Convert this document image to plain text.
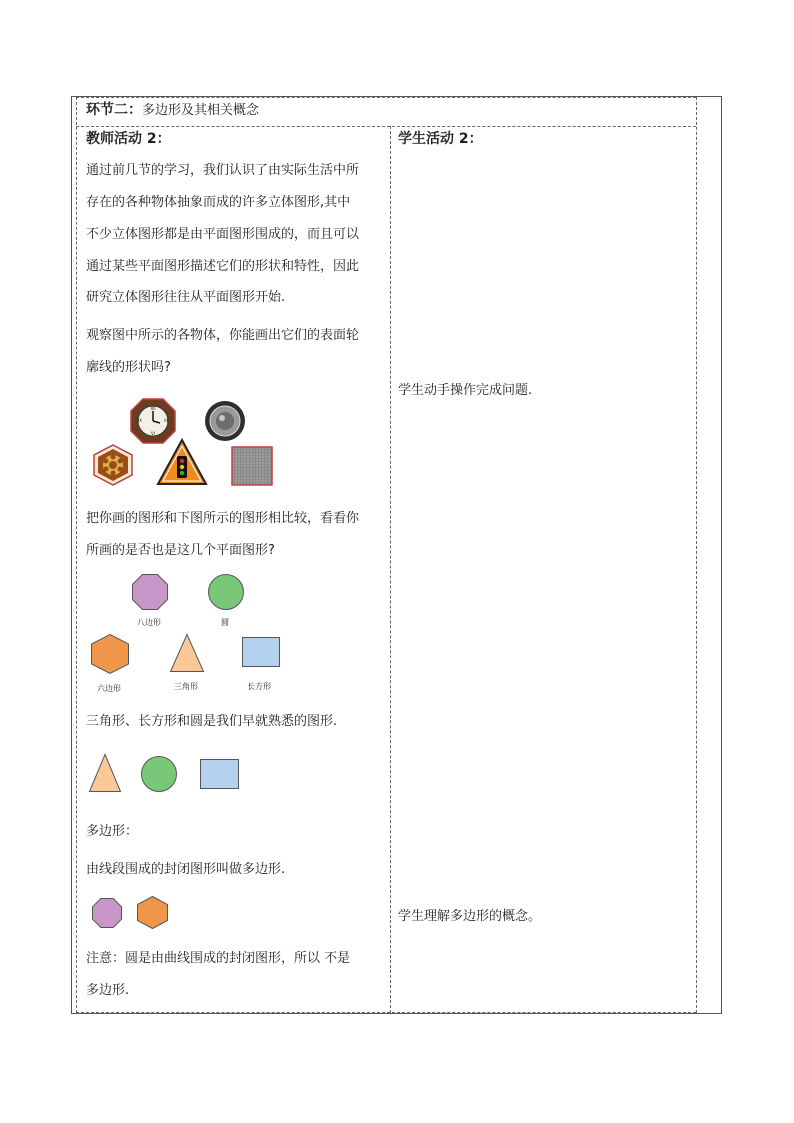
环节二：多边形及其相关概念
教师活动 2：
通过前几节的学习，我们认识了由实际生活中所
存在的各种物体抽象而成的许多立体图形,其中
不少立体图形都是由平面图形围成的，而且可以
通过某些平面图形描述它们的形状和特性，因此
研究立体图形往往从平面图形开始.
观察图中所示的各物体，你能画出它们的表面轮
廓线的形状吗?
XII
III
VI
IX
把你画的图形和下图所示的图形相比较，看看你
所画的是否也是这几个平面图形?
八边形	圆
六边形	三角形	长方形
三角形、长方形和圆是我们早就熟悉的图形.
多边形：
由线段围成的封闭图形叫做多边形.
注意：圆是由曲线围成的封闭图形，所以 不是
多边形.
学生活动 2：
学生动手操作完成问题.
学生理解多边形的概念。
